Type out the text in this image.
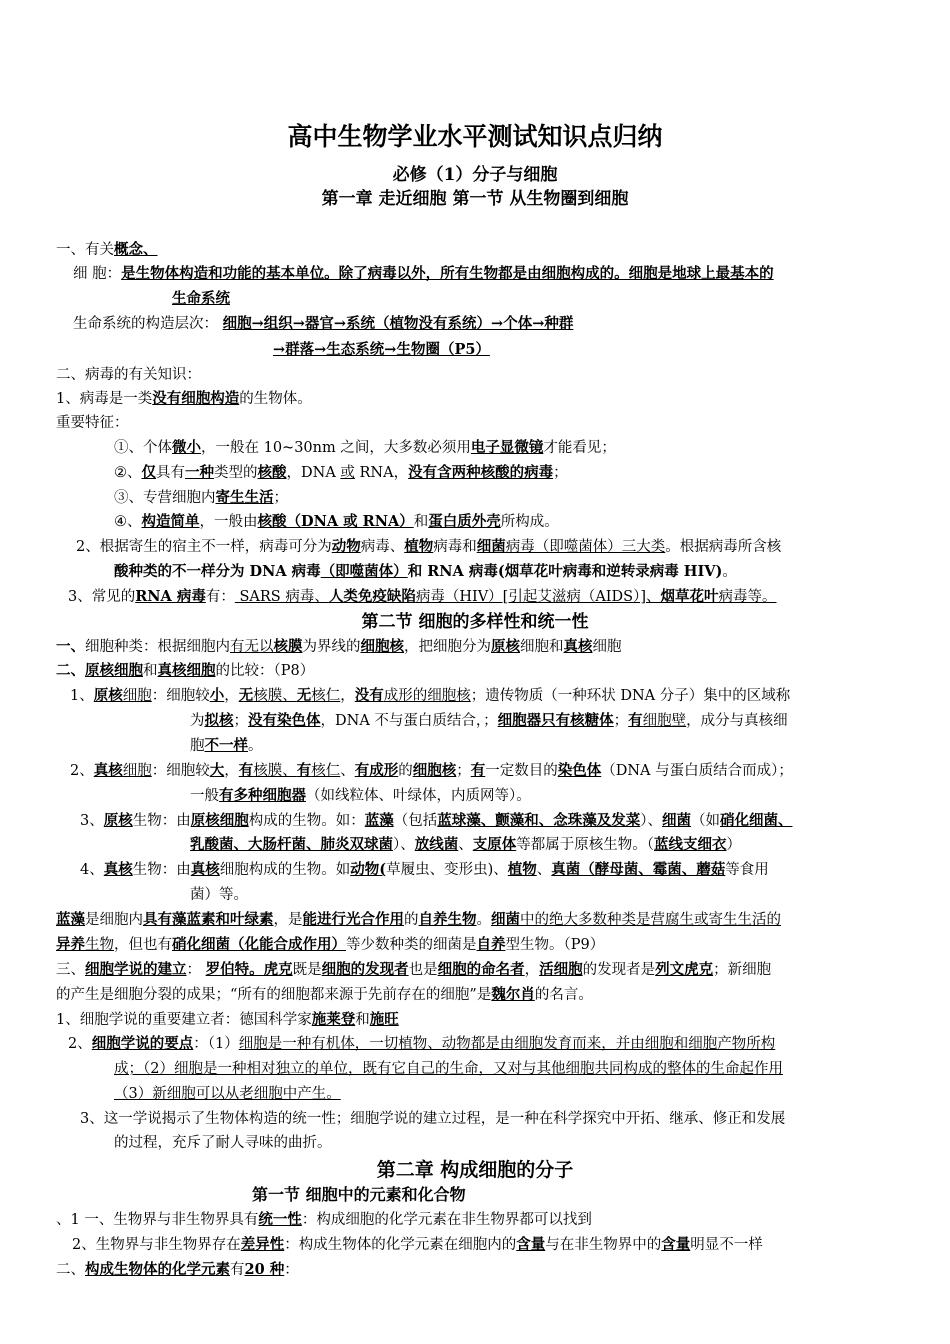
高中生物学业水平测试知识点归纳
必修（1）分子与细胞
第一章 走近细胞 第一节 从生物圈到细胞
一、有关概念、
细 胞：是生物体构造和功能的基本单位。除了病毒以外，所有生物都是由细胞构成的。细胞是地球上最基本的
生命系统
生命系统的构造层次： 细胞→组织→器官→系统（植物没有系统）→个体→种群
→群落→生态系统→生物圈（P5）
二、病毒的有关知识：
1、病毒是一类没有细胞构造的生物体。
重要特征：
①、个体微小，一般在 10~30nm 之间，大多数必须用电子显微镜才能看见；
②、仅具有一种类型的核酸，DNA 或 RNA，没有含两种核酸的病毒；
③、专营细胞内寄生生活；
④、构造简单，一般由核酸（DNA 或 RNA）和蛋白质外壳所构成。
2、根据寄生的宿主不一样，病毒可分为动物病毒、植物病毒和细菌病毒（即噬菌体）三大类。根据病毒所含核
酸种类的不一样分为 DNA 病毒（即噬菌体）和 RNA 病毒(烟草花叶病毒和逆转录病毒 HIV)。
3、常见的RNA 病毒有： SARS 病毒、人类免疫缺陷病毒（HIV）[引起艾滋病（AIDS）]、烟草花叶病毒等。
第二节 细胞的多样性和统一性
一、细胞种类：根据细胞内有无以核膜为界线的细胞核，把细胞分为原核细胞和真核细胞
二、原核细胞和真核细胞的比较：（P8）
1、原核细胞：细胞较小，无核膜、无核仁，没有成形的细胞核；遗传物质（一种环状 DNA 分子）集中的区域称
为拟核；没有染色体，DNA 不与蛋白质结合，；细胞器只有核糖体；有细胞壁，成分与真核细
胞不一样。
2、真核细胞：细胞较大，有核膜、有核仁、有成形的细胞核；有一定数目的染色体（DNA 与蛋白质结合而成）；
一般有多种细胞器（如线粒体、叶绿体，内质网等）。
3、原核生物：由原核细胞构成的生物。如：蓝藻（包括蓝球藻、颤藻和、念珠藻及发菜）、细菌（如硝化细菌、
乳酸菌、大肠杆菌、肺炎双球菌）、放线菌、支原体等都属于原核生物。（蓝线支细衣）
4、真核生物：由真核细胞构成的生物。如动物(草履虫、变形虫)、植物、真菌（酵母菌、霉菌、蘑菇等食用
菌）等。
蓝藻是细胞内具有藻蓝素和叶绿素，是能进行光合作用的自养生物。细菌中的绝大多数种类是营腐生或寄生生活的
异养生物，但也有硝化细菌（化能合成作用）等少数种类的细菌是自养型生物。（P9）
三、细胞学说的建立： 罗伯特。虎克既是细胞的发现者也是细胞的命名者，活细胞的发现者是列文虎克；新细胞
的产生是细胞分裂的成果；“所有的细胞都来源于先前存在的细胞”是魏尔肖的名言。
1、细胞学说的重要建立者：德国科学家施莱登和施旺
2、细胞学说的要点：（1）细胞是一种有机体，一切植物、动物都是由细胞发育而来，并由细胞和细胞产物所构
成；（2）细胞是一种相对独立的单位，既有它自己的生命，又对与其他细胞共同构成的整体的生命起作用
（3）新细胞可以从老细胞中产生。
3、这一学说揭示了生物体构造的统一性；细胞学说的建立过程，是一种在科学探究中开拓、继承、修正和发展
的过程，充斥了耐人寻味的曲折。
第二章 构成细胞的分子
第一节 细胞中的元素和化合物
、1 一、生物界与非生物界具有统一性：构成细胞的化学元素在非生物界都可以找到
2、生物界与非生物界存在差异性：构成生物体的化学元素在细胞内的含量与在非生物界中的含量明显不一样
二、构成生物体的化学元素有20 种：
